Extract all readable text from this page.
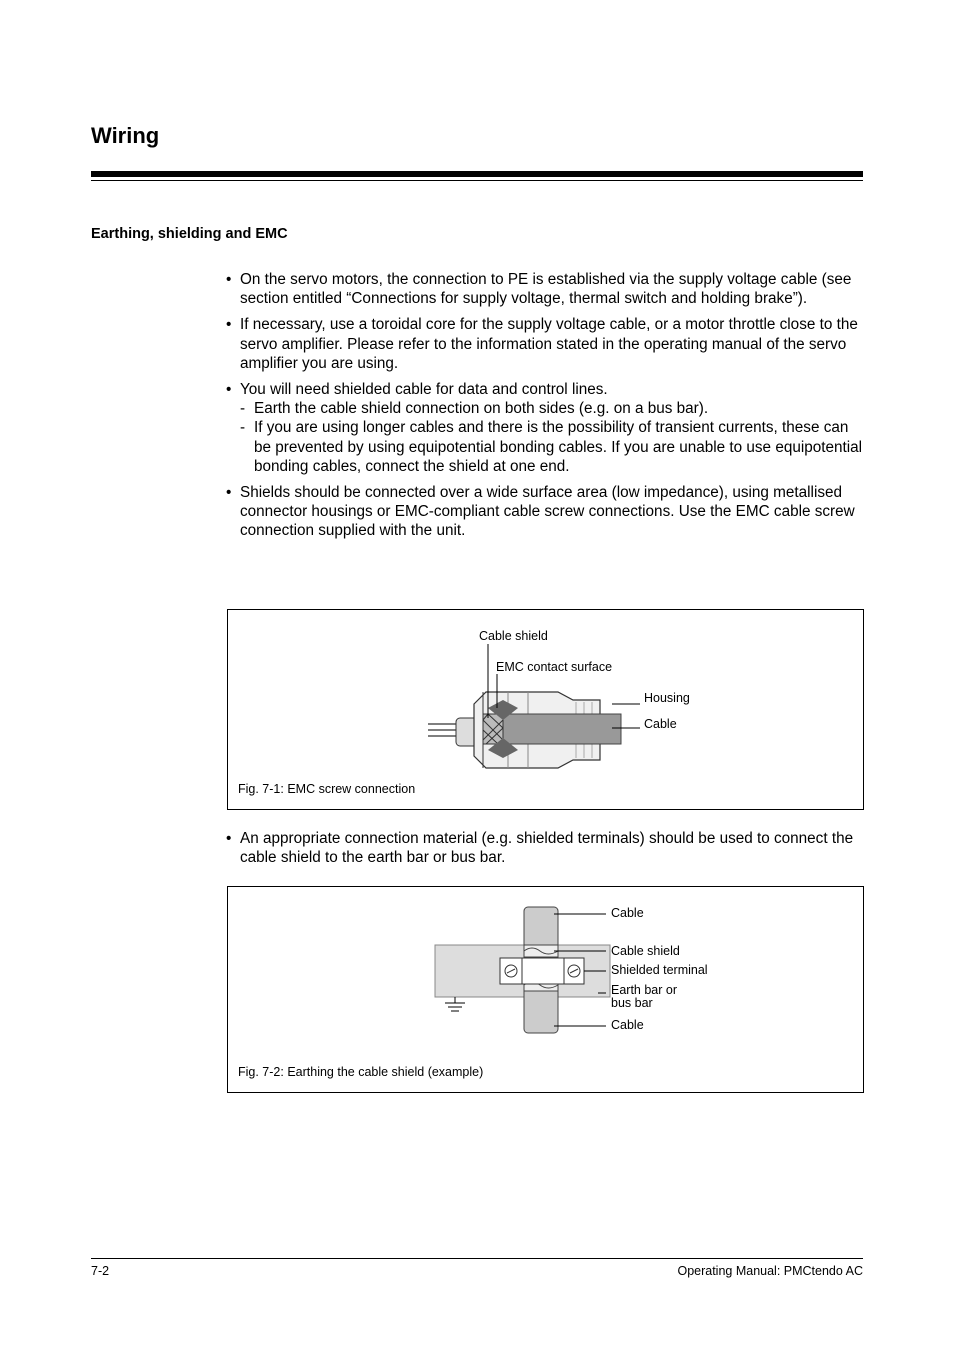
Wiring
Earthing, shielding and EMC
• On the servo motors, the connection to PE is established via the supply voltage cable (see section entitled “Connections for supply voltage, thermal switch and holding brake”).
• If necessary, use a toroidal core for the supply voltage cable, or a motor throttle close to the servo amplifier. Please refer to the information stated in the operating manual of the servo amplifier you are using.
• You will need shielded cable for data and control lines.
- Earth the cable shield connection on both sides (e.g. on a bus bar).
- If you are using longer cables and there is the possibility of transient currents, these can be prevented by using equipotential bonding cables. If you are unable to use equipotential bonding cables, connect the shield at one end.
• Shields should be connected over a wide surface area (low impedance), using metallised connector housings or EMC-compliant cable screw connections. Use the EMC cable screw connection supplied with the unit.
Cable shield
EMC contact surface
Housing
Cable
Fig. 7-1: EMC screw connection
• An appropriate connection material (e.g. shielded terminals) should be used to connect the cable shield to the earth bar or bus bar.
Cable
Cable shield
Shielded terminal
Earth bar or
bus bar
Cable
Fig. 7-2: Earthing the cable shield (example)
7-2	Operating Manual: PMCtendo AC
